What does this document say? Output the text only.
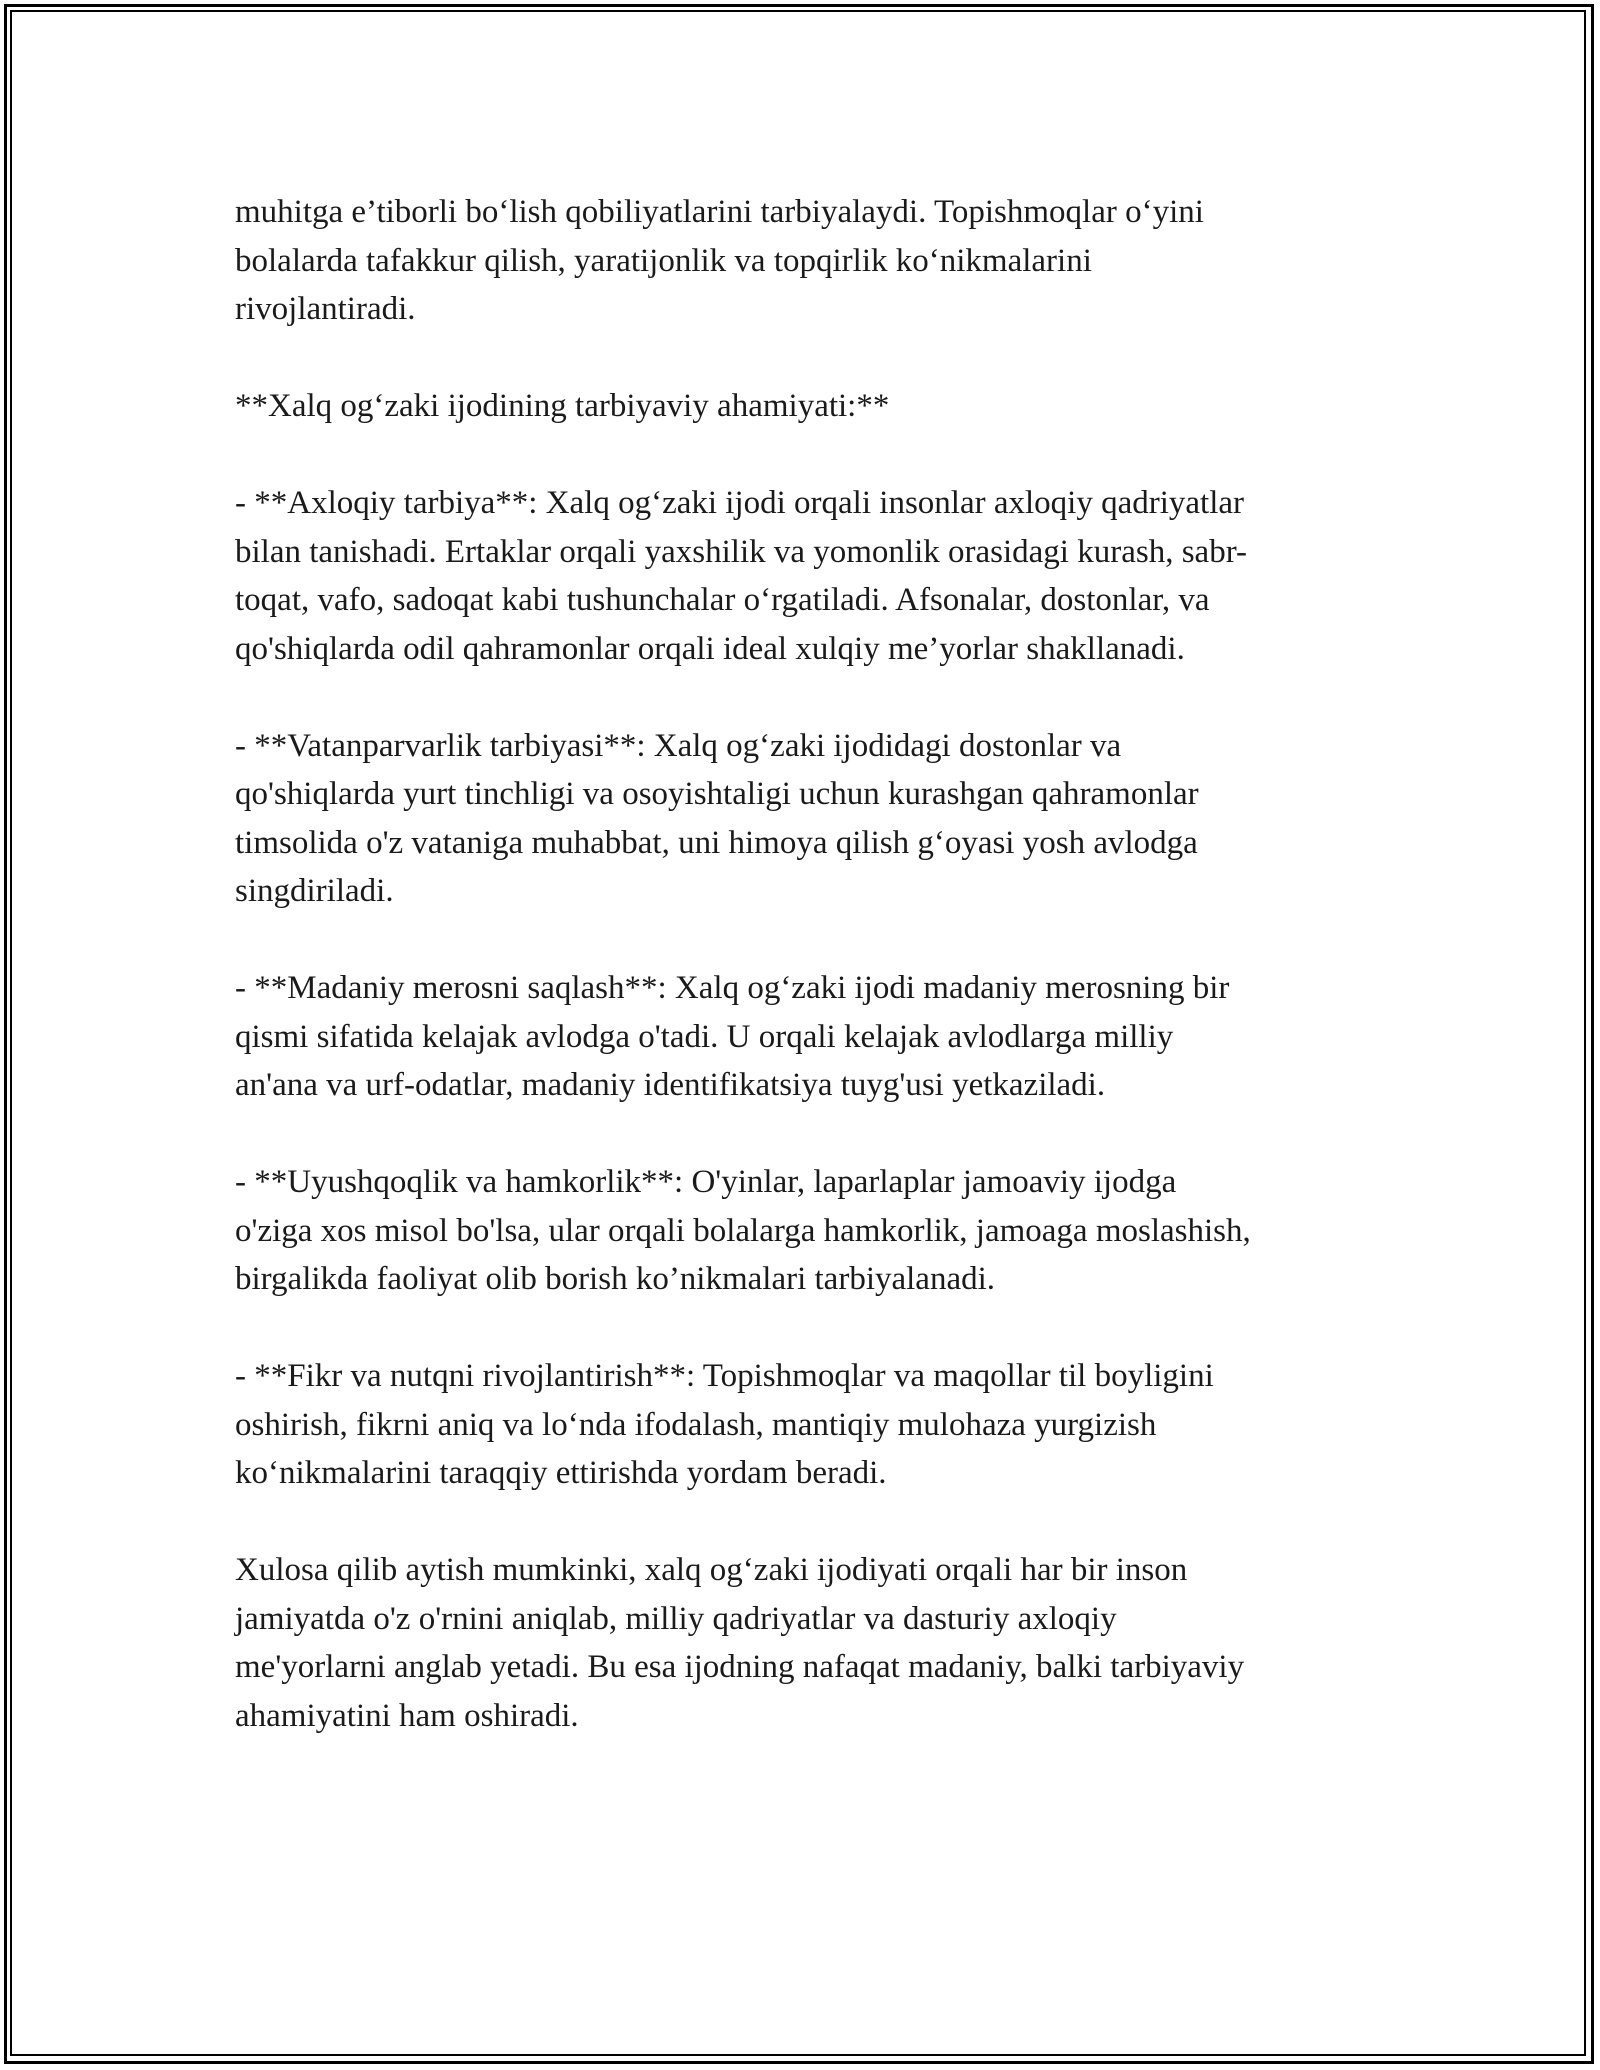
muhitga e’tiborli bo‘lish qobiliyatlarini tarbiyalaydi. Topishmoqlar o‘yini
bolalarda tafakkur qilish, yaratijonlik va topqirlik ko‘nikmalarini
rivojlantiradi.

**Xalq og‘zaki ijodining tarbiyaviy ahamiyati:**

- **Axloqiy tarbiya**: Xalq og‘zaki ijodi orqali insonlar axloqiy qadriyatlar
bilan tanishadi. Ertaklar orqali yaxshilik va yomonlik orasidagi kurash, sabr-
toqat, vafo, sadoqat kabi tushunchalar o‘rgatiladi. Afsonalar, dostonlar, va
qo'shiqlarda odil qahramonlar orqali ideal xulqiy me’yorlar shakllanadi.

- **Vatanparvarlik tarbiyasi**: Xalq og‘zaki ijodidagi dostonlar va
qo'shiqlarda yurt tinchligi va osoyishtaligi uchun kurashgan qahramonlar
timsolida o'z vataniga muhabbat, uni himoya qilish g‘oyasi yosh avlodga
singdiriladi.

- **Madaniy merosni saqlash**: Xalq og‘zaki ijodi madaniy merosning bir
qismi sifatida kelajak avlodga o'tadi. U orqali kelajak avlodlarga milliy
an'ana va urf-odatlar, madaniy identifikatsiya tuyg'usi yetkaziladi.

- **Uyushqoqlik va hamkorlik**: O'yinlar, laparlaplar jamoaviy ijodga
o'ziga xos misol bo'lsa, ular orqali bolalarga hamkorlik, jamoaga moslashish,
birgalikda faoliyat olib borish ko’nikmalari tarbiyalanadi.

- **Fikr va nutqni rivojlantirish**: Topishmoqlar va maqollar til boyligini
oshirish, fikrni aniq va lo‘nda ifodalash, mantiqiy mulohaza yurgizish
ko‘nikmalarini taraqqiy ettirishda yordam beradi.

Xulosa qilib aytish mumkinki, xalq og‘zaki ijodiyati orqali har bir inson
jamiyatda o'z o'rnini aniqlab, milliy qadriyatlar va dasturiy axloqiy
me'yorlarni anglab yetadi. Bu esa ijodning nafaqat madaniy, balki tarbiyaviy
ahamiyatini ham oshiradi.
